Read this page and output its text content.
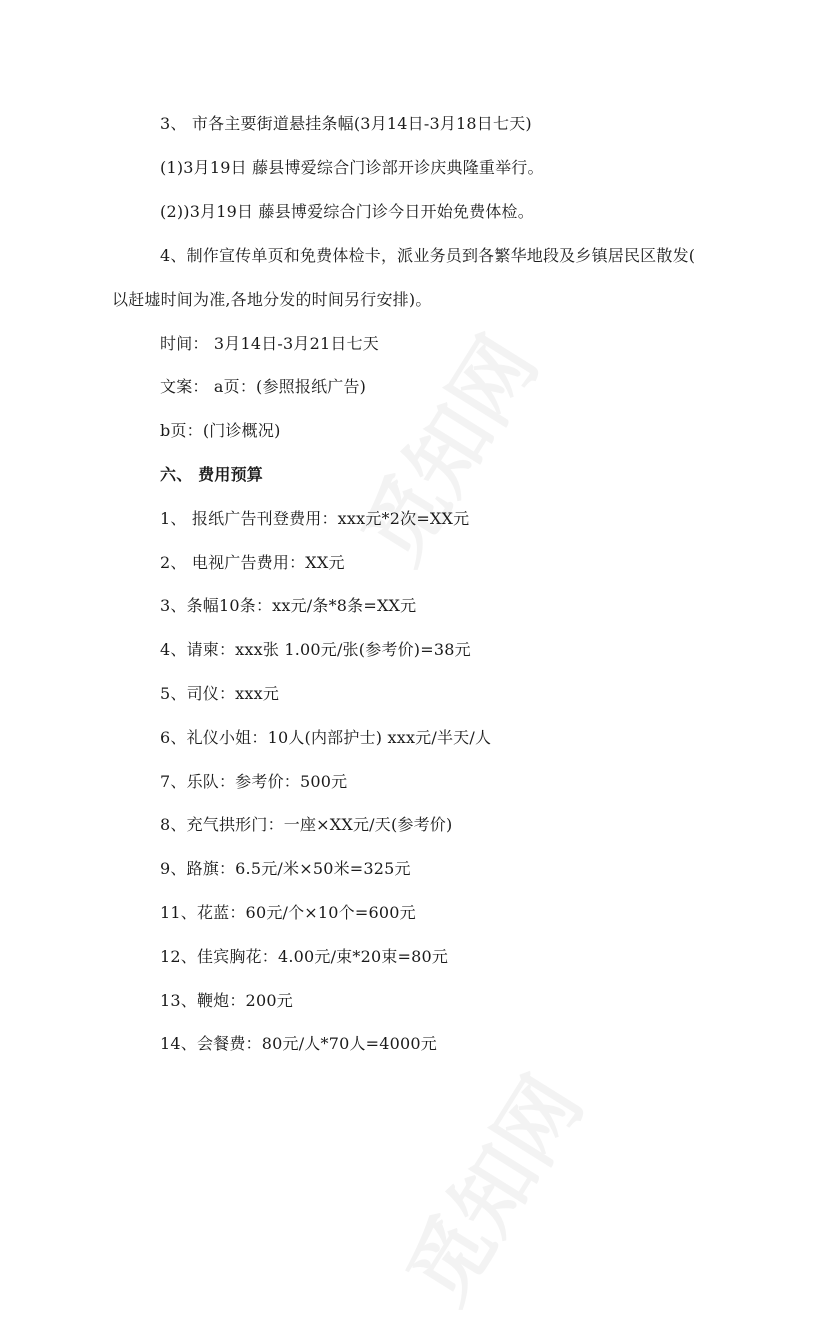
3、 市各主要街道悬挂条幅(3月14日-3月18日七天)
(1)3月19日 藤县博爱综合门诊部开诊庆典隆重举行。
(2))3月19日 藤县博爱综合门诊今日开始免费体检。
4、制作宣传单页和免费体检卡，派业务员到各繁华地段及乡镇居民区散发(
以赶墟时间为准,各地分发的时间另行安排)。
时间： 3月14日-3月21日七天
文案： a页：(参照报纸广告)
b页：(门诊概况)
六、 费用预算
1、 报纸广告刊登费用：xxx元*2次=XX元
2、 电视广告费用：XX元
3、条幅10条：xx元/条*8条=XX元
4、请柬：xxx张 1.00元/张(参考价)=38元
5、司仪：xxx元
6、礼仪小姐：10人(内部护士) xxx元/半天/人
7、乐队：参考价：500元
8、充气拱形门：一座×XX元/天(参考价)
9、路旗：6.5元/米×50米=325元
11、花蓝：60元/个×10个=600元
12、佳宾胸花：4.00元/束*20束=80元
13、鞭炮：200元
14、会餐费：80元/人*70人=4000元
